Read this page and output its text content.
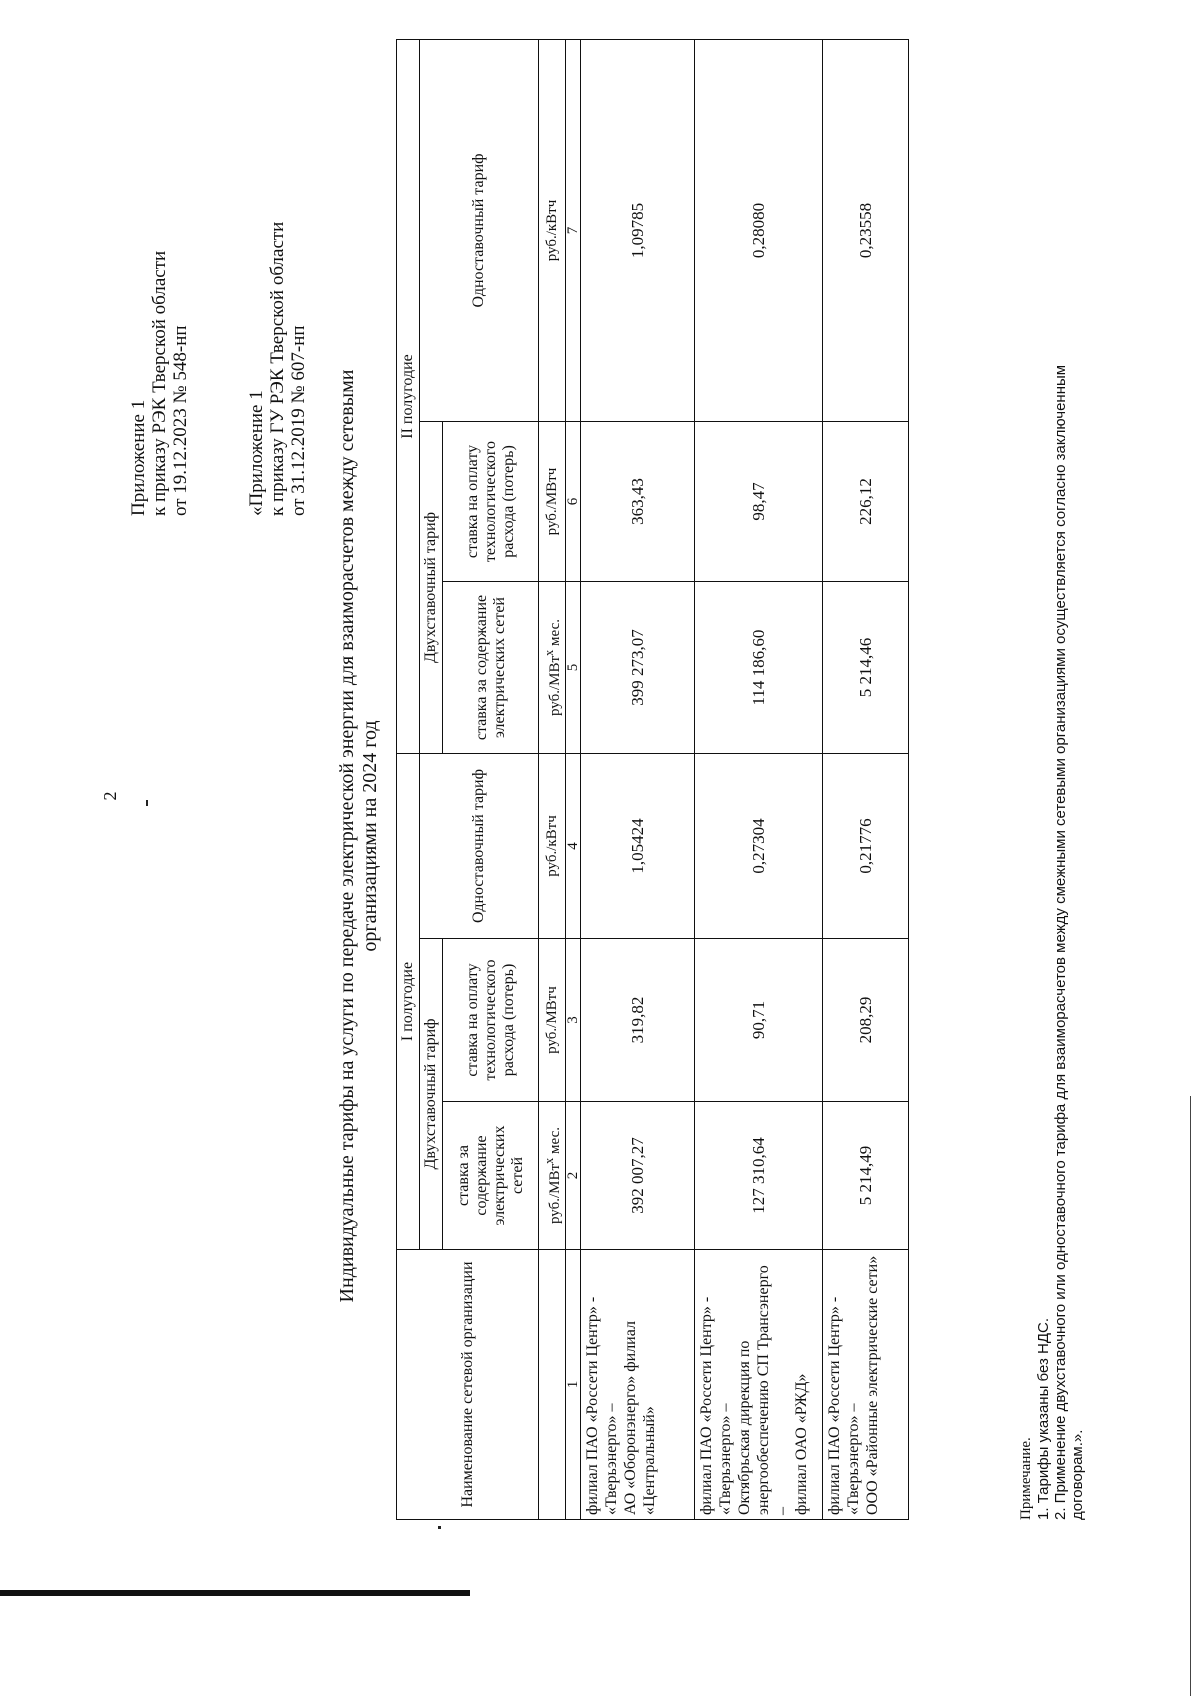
2
Приложение 1 к приказу РЭК Тверской области от 19.12.2023 № 548-нп	«Приложение 1 к приказу ГУ РЭК Тверской области от 31.12.2019 № 607-нп Индивидуальные тарифы на услуги по передаче электрической энергии для взаиморасчетов между сетевыми организациями на 2024 год
Наименование сетевой организации	I полугодие			II полугодие		
	Двухставочный тариф		Одноставочный тариф	Двухставочный тариф		Одноставочный тариф
	ставка за содержание электрических сетей	ставка на оплату технологического расхода (потерь)		ставка за содержание электрических сетей	ставка на оплату технологического расхода (потерь)	
	руб./МВт$^х$ мес.	руб./МВтч	руб./кВтч	руб./МВт$^х$ мес.	руб./МВтч	руб./кВтч
1	2	3	4	5	6	7

филиал ПАО «Россети Центр» - «Тверьэнерго» – АО «Оборонэнерго» филиал «Центральный»	392 007,27	319,82	1,05424	399 273,07	363,43	1,09785

филиал ПАО «Россети Центр» - «Тверьэнерго» – Октябрьская дирекция по энергообеспечению СП Трансэнерго – филиал ОАО «РЖД»	127 310,64	90,71	0,27304	114 186,60	98,47	0,28080

филиал ПАО «Россети Центр» - «Тверьэнерго» – ООО «Районные электрические сети»	5 214,49	208,29	0,21776	5 214,46	226,12	0,23558
Примечание. 1. Тарифы указаны без НДС. 2. Применение двухставочного или одноставочного тарифа для взаиморасчетов между смежными сетевыми организациями осуществляется согласно заключенным договорам.».
